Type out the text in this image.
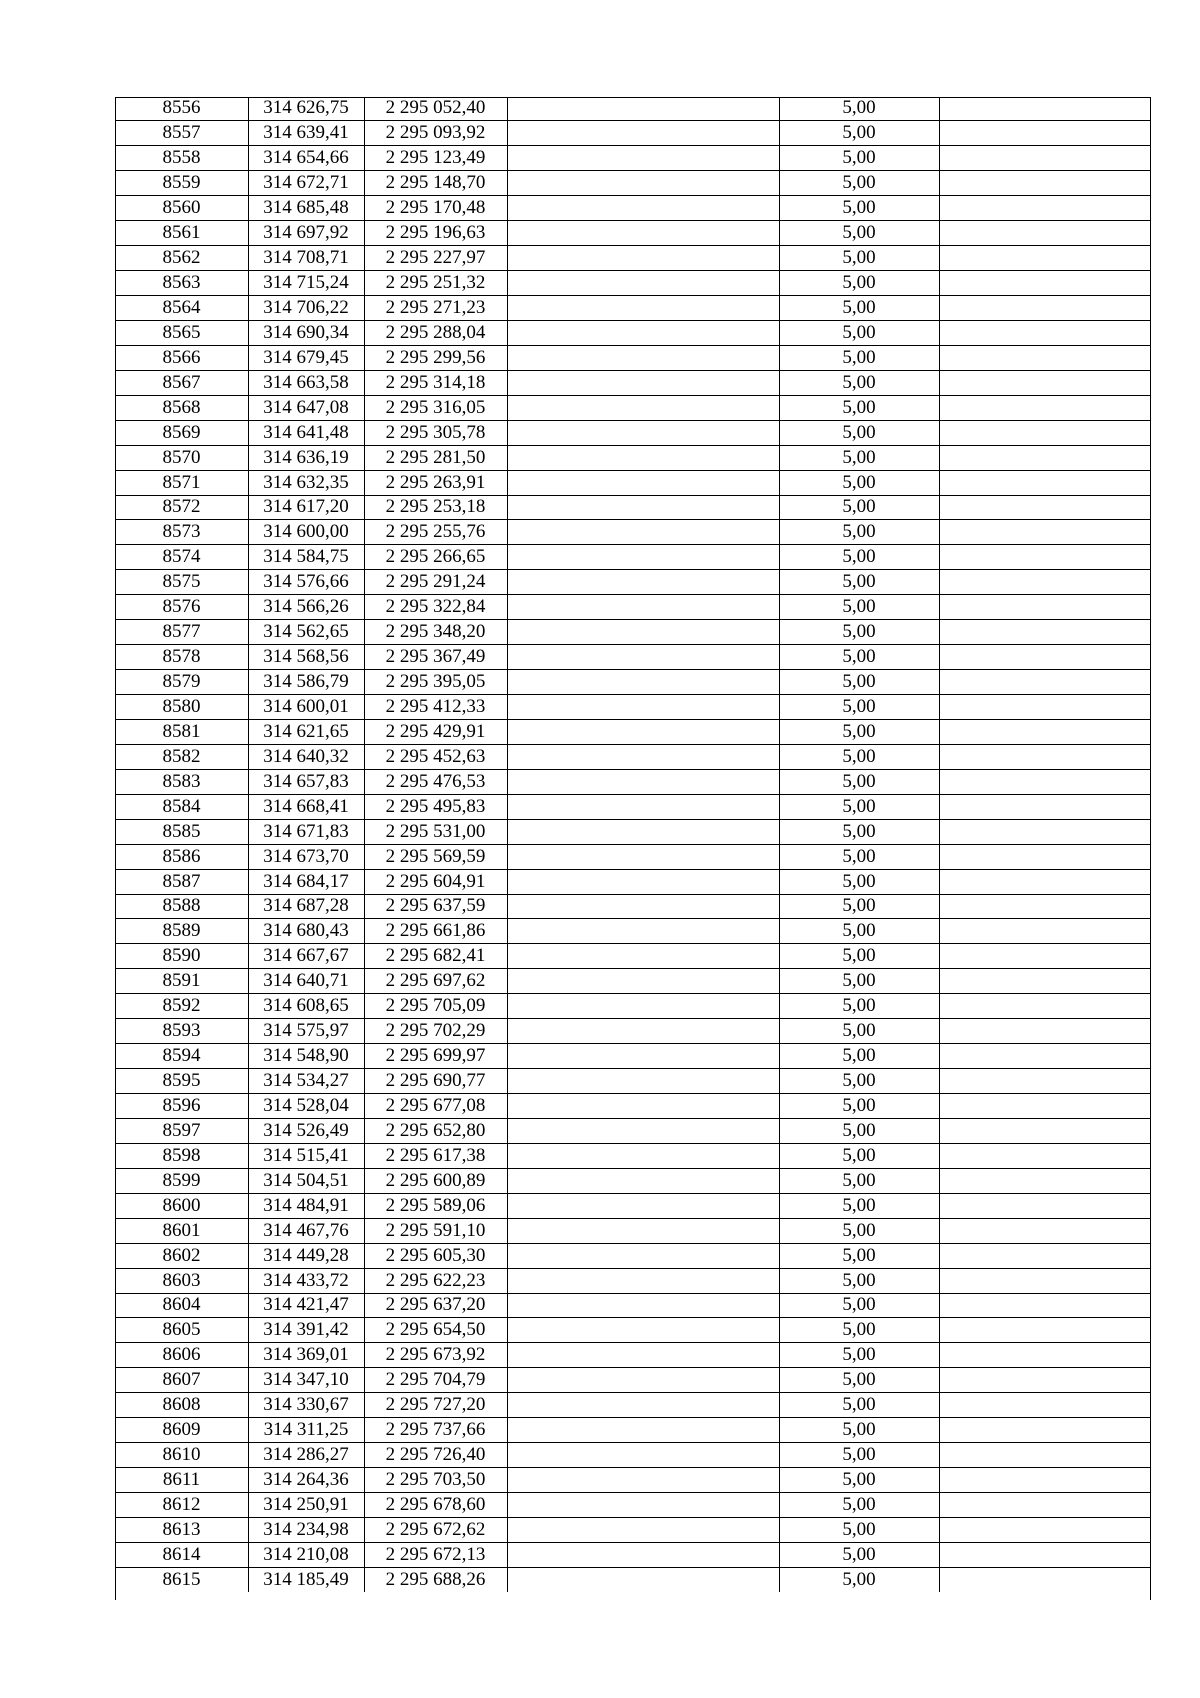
8556	314 626,75	2 295 052,40		5,00	
8557	314 639,41	2 295 093,92		5,00	
8558	314 654,66	2 295 123,49		5,00	
8559	314 672,71	2 295 148,70		5,00	
8560	314 685,48	2 295 170,48		5,00	
8561	314 697,92	2 295 196,63		5,00	
8562	314 708,71	2 295 227,97		5,00	
8563	314 715,24	2 295 251,32		5,00	
8564	314 706,22	2 295 271,23		5,00	
8565	314 690,34	2 295 288,04		5,00	
8566	314 679,45	2 295 299,56		5,00	
8567	314 663,58	2 295 314,18		5,00	
8568	314 647,08	2 295 316,05		5,00	
8569	314 641,48	2 295 305,78		5,00	
8570	314 636,19	2 295 281,50		5,00	
8571	314 632,35	2 295 263,91		5,00	
8572	314 617,20	2 295 253,18		5,00	
8573	314 600,00	2 295 255,76		5,00	
8574	314 584,75	2 295 266,65		5,00	
8575	314 576,66	2 295 291,24		5,00	
8576	314 566,26	2 295 322,84		5,00	
8577	314 562,65	2 295 348,20		5,00	
8578	314 568,56	2 295 367,49		5,00	
8579	314 586,79	2 295 395,05		5,00	
8580	314 600,01	2 295 412,33		5,00	
8581	314 621,65	2 295 429,91		5,00	
8582	314 640,32	2 295 452,63		5,00	
8583	314 657,83	2 295 476,53		5,00	
8584	314 668,41	2 295 495,83		5,00	
8585	314 671,83	2 295 531,00		5,00	
8586	314 673,70	2 295 569,59		5,00	
8587	314 684,17	2 295 604,91		5,00	
8588	314 687,28	2 295 637,59		5,00	
8589	314 680,43	2 295 661,86		5,00	
8590	314 667,67	2 295 682,41		5,00	
8591	314 640,71	2 295 697,62		5,00	
8592	314 608,65	2 295 705,09		5,00	
8593	314 575,97	2 295 702,29		5,00	
8594	314 548,90	2 295 699,97		5,00	
8595	314 534,27	2 295 690,77		5,00	
8596	314 528,04	2 295 677,08		5,00	
8597	314 526,49	2 295 652,80		5,00	
8598	314 515,41	2 295 617,38		5,00	
8599	314 504,51	2 295 600,89		5,00	
8600	314 484,91	2 295 589,06		5,00	
8601	314 467,76	2 295 591,10		5,00	
8602	314 449,28	2 295 605,30		5,00	
8603	314 433,72	2 295 622,23		5,00	
8604	314 421,47	2 295 637,20		5,00	
8605	314 391,42	2 295 654,50		5,00	
8606	314 369,01	2 295 673,92		5,00	
8607	314 347,10	2 295 704,79		5,00	
8608	314 330,67	2 295 727,20		5,00	
8609	314 311,25	2 295 737,66		5,00	
8610	314 286,27	2 295 726,40		5,00	
8611	314 264,36	2 295 703,50		5,00	
8612	314 250,91	2 295 678,60		5,00	
8613	314 234,98	2 295 672,62		5,00	
8614	314 210,08	2 295 672,13		5,00	
8615	314 185,49	2 295 688,26		5,00	
